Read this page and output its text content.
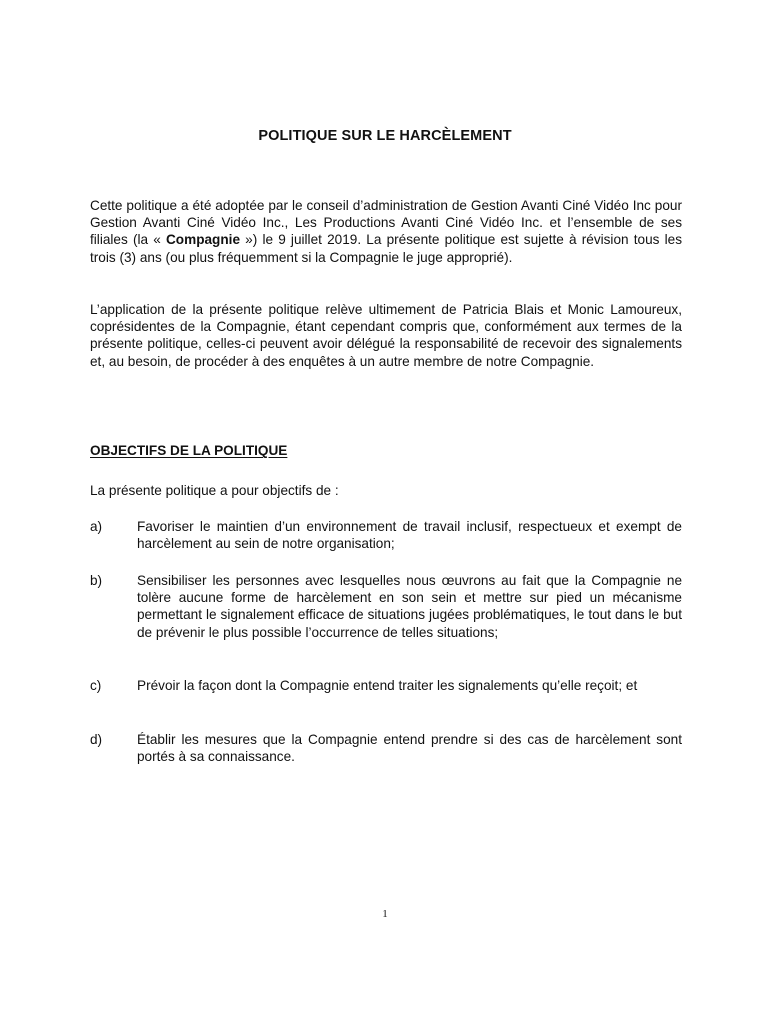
POLITIQUE SUR LE HARCÈLEMENT

Cette politique a été adoptée par le conseil d’administration de Gestion Avanti Ciné Vidéo Inc pour Gestion Avanti Ciné Vidéo Inc., Les Productions Avanti Ciné Vidéo Inc. et l’ensemble de ses filiales (la « Compagnie ») le 9 juillet 2019. La présente politique est sujette à révision tous les trois (3) ans (ou plus fréquemment si la Compagnie le juge approprié).

L’application de la présente politique relève ultimement de Patricia Blais et Monic Lamoureux, coprésidentes de la Compagnie, étant cependant compris que, conformément aux termes de la présente politique, celles-ci peuvent avoir délégué la responsabilité de recevoir des signalements et, au besoin, de procéder à des enquêtes à un autre membre de notre Compagnie.

OBJECTIFS DE LA POLITIQUE
La présente politique a pour objectifs de :
a)	Favoriser le maintien d’un environnement de travail inclusif, respectueux et exempt de harcèlement au sein de notre organisation;
b)	Sensibiliser les personnes avec lesquelles nous œuvrons au fait que la Compagnie ne tolère aucune forme de harcèlement en son sein et mettre sur pied un mécanisme permettant le signalement efficace de situations jugées problématiques, le tout dans le but de prévenir le plus possible l’occurrence de telles situations;
c)	Prévoir la façon dont la Compagnie entend traiter les signalements qu’elle reçoit; et
d)	Établir les mesures que la Compagnie entend prendre si des cas de harcèlement sont portés à sa connaissance.
1
